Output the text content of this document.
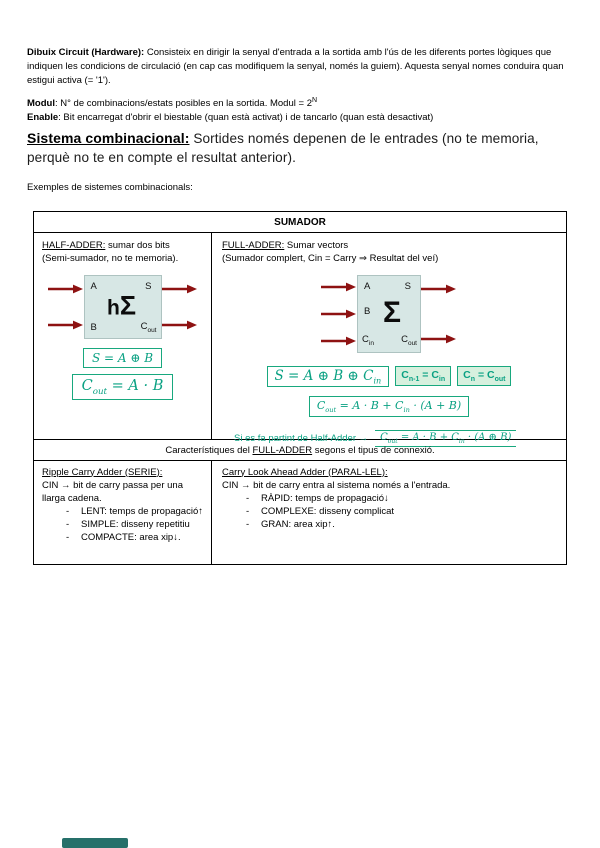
Dibuix Circuit (Hardware): Consisteix en dirigir la senyal d'entrada a la sortida amb l'ús de les diferents portes lògiques que indiquen les condicions de circulació (en cap cas modifiquem la senyal, només la guiem). Aquesta senyal nomes conduira quan estigui activa (= '1').

Modul: N° de combinacions/estats posibles en la sortida. Modul = $2^N$

Enable: Bit encarregat d'obrir el biestable (quan està activat) i de tancarlo (quan està desactivat)

Sistema combinacional: Sortides només depenen de le entrades (no te memoria, perquè no te en compte el resultat anterior).

Exemples de sistemes combinacionals:

SUMADOR
HALF-ADDER: sumar dos bits
(Semi-sumador, no te memoria).
A	S
B	$C_{out}$
hΣ
S = A ⊕ B
$C_{out} = A \cdot B$
FULL-ADDER: Sumar vectors
(Sumador complert, Cin = Carry ⇒ Resultat del veí)
A
B
$C_{in}$
S
$C_{out}$
Σ
S = A ⊕ B ⊕ $C_{in}$	$C_{n-1} = C_{in}$	$C_n = C_{out}$
$C_{out} = A \cdot B + C_{in} \cdot (A + B)$
Si es fa partint de Half-Adder →	$C_{out} = A \cdot B + C_{in} \cdot (A$ ⊕ B)
Característiques del FULL-ADDER segons el tipus de connexió.
Ripple Carry Adder (SERIE):
CIN → bit de carry passa per una llarga cadena.
-	LENT: temps de propagació↑
-	SIMPLE: disseny repetitiu
-	COMPACTE: area xip↓.
Carry Look Ahead Adder (PARAL-LEL):
CIN → bit de carry entra al sistema només a l'entrada.
-	RÀPID: temps de propagació↓
-	COMPLEXE: disseny complicat
-	GRAN: area xip↑.
